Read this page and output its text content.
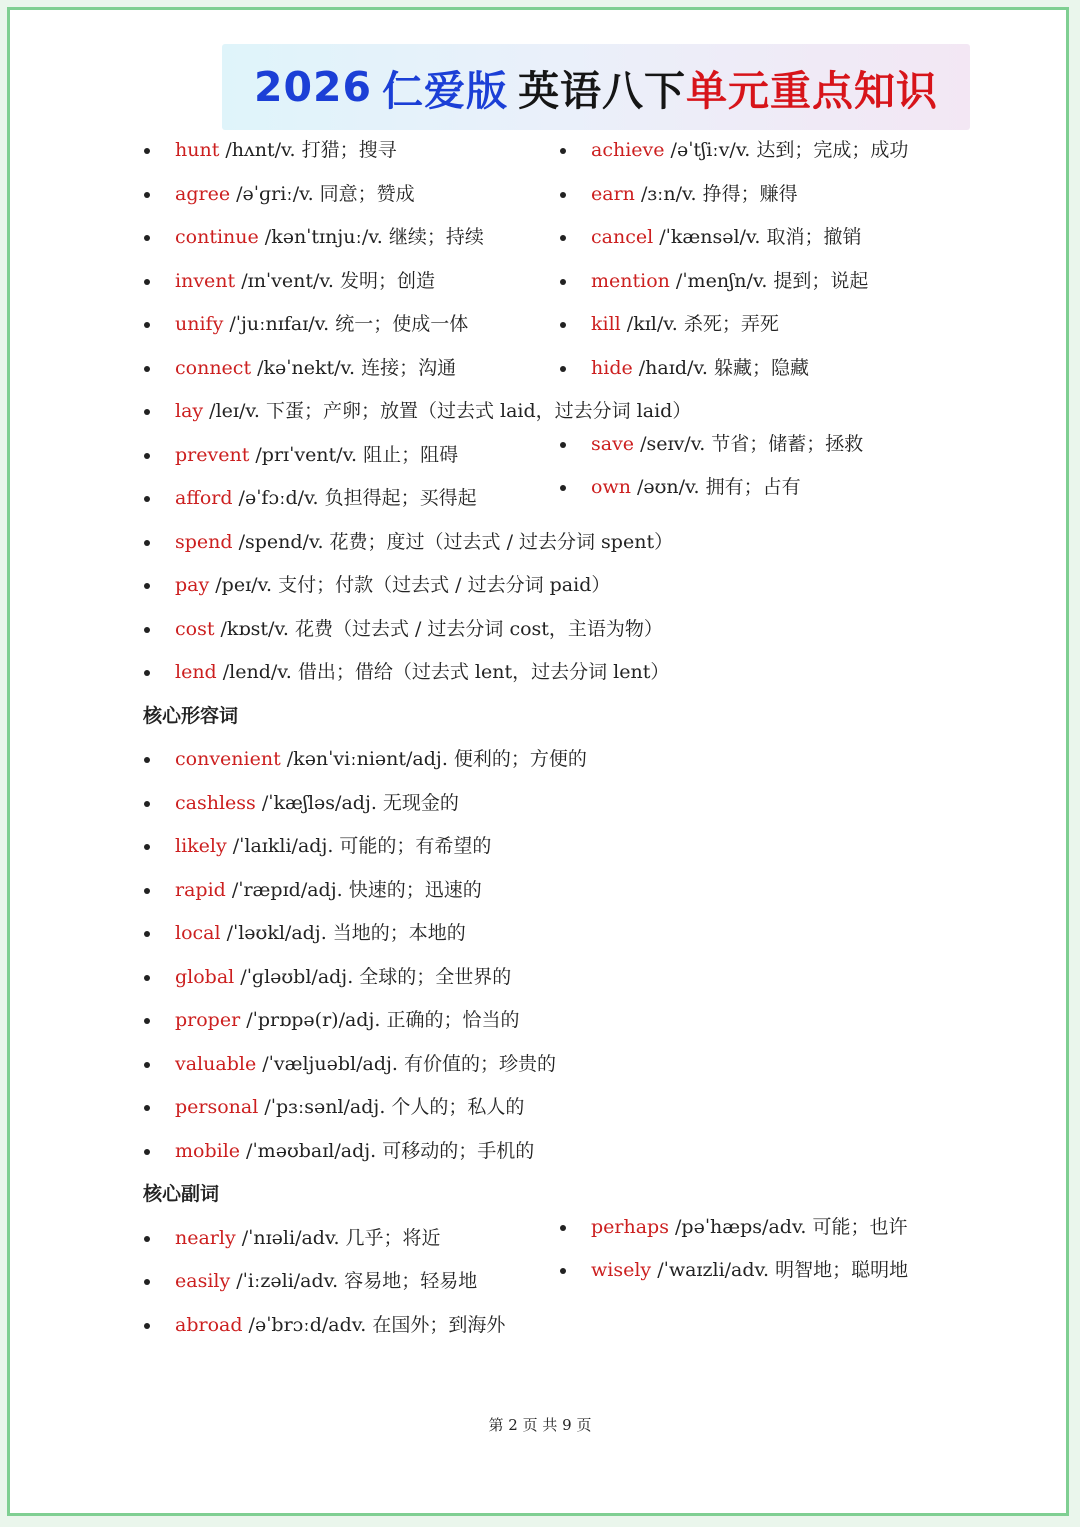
2026 仁爱版 英语八下 单元重点知识
hunt /hʌnt/v. 打猎；搜寻	achieve /əˈtʃiːv/v. 达到；完成；成功
agree /əˈɡriː/v. 同意；赞成	earn /ɜːn/v. 挣得；赚得
continue /kənˈtɪnjuː/v. 继续；持续	cancel /ˈkænsəl/v. 取消；撤销
invent /ɪnˈvent/v. 发明；创造	mention /ˈmenʃn/v. 提到；说起
unify /ˈjuːnɪfaɪ/v. 统一；使成一体	kill /kɪl/v. 杀死；弄死
connect /kəˈnekt/v. 连接；沟通	hide /haɪd/v. 躲藏；隐藏
lay /leɪ/v. 下蛋；产卵；放置（过去式 laid，过去分词 laid）
prevent /prɪˈvent/v. 阻止；阻碍	save /seɪv/v. 节省；储蓄；拯救
afford /əˈfɔːd/v. 负担得起；买得起	own /əʊn/v. 拥有；占有
spend /spend/v. 花费；度过（过去式 / 过去分词 spent）
pay /peɪ/v. 支付；付款（过去式 / 过去分词 paid）
cost /kɒst/v. 花费（过去式 / 过去分词 cost，主语为物）
lend /lend/v. 借出；借给（过去式 lent，过去分词 lent）
核心形容词
convenient /kənˈviːniənt/adj. 便利的；方便的
cashless /ˈkæʃləs/adj. 无现金的
likely /ˈlaɪkli/adj. 可能的；有希望的
rapid /ˈræpɪd/adj. 快速的；迅速的
local /ˈləʊkl/adj. 当地的；本地的
global /ˈɡləʊbl/adj. 全球的；全世界的
proper /ˈprɒpə(r)/adj. 正确的；恰当的
valuable /ˈvæljuəbl/adj. 有价值的；珍贵的
personal /ˈpɜːsənl/adj. 个人的；私人的
mobile /ˈməʊbaɪl/adj. 可移动的；手机的
核心副词
nearly /ˈnɪəli/adv. 几乎；将近	perhaps /pəˈhæps/adv. 可能；也许
easily /ˈiːzəli/adv. 容易地；轻易地	wisely /ˈwaɪzli/adv. 明智地；聪明地
abroad /əˈbrɔːd/adv. 在国外；到海外
第 2 页 共 9 页
